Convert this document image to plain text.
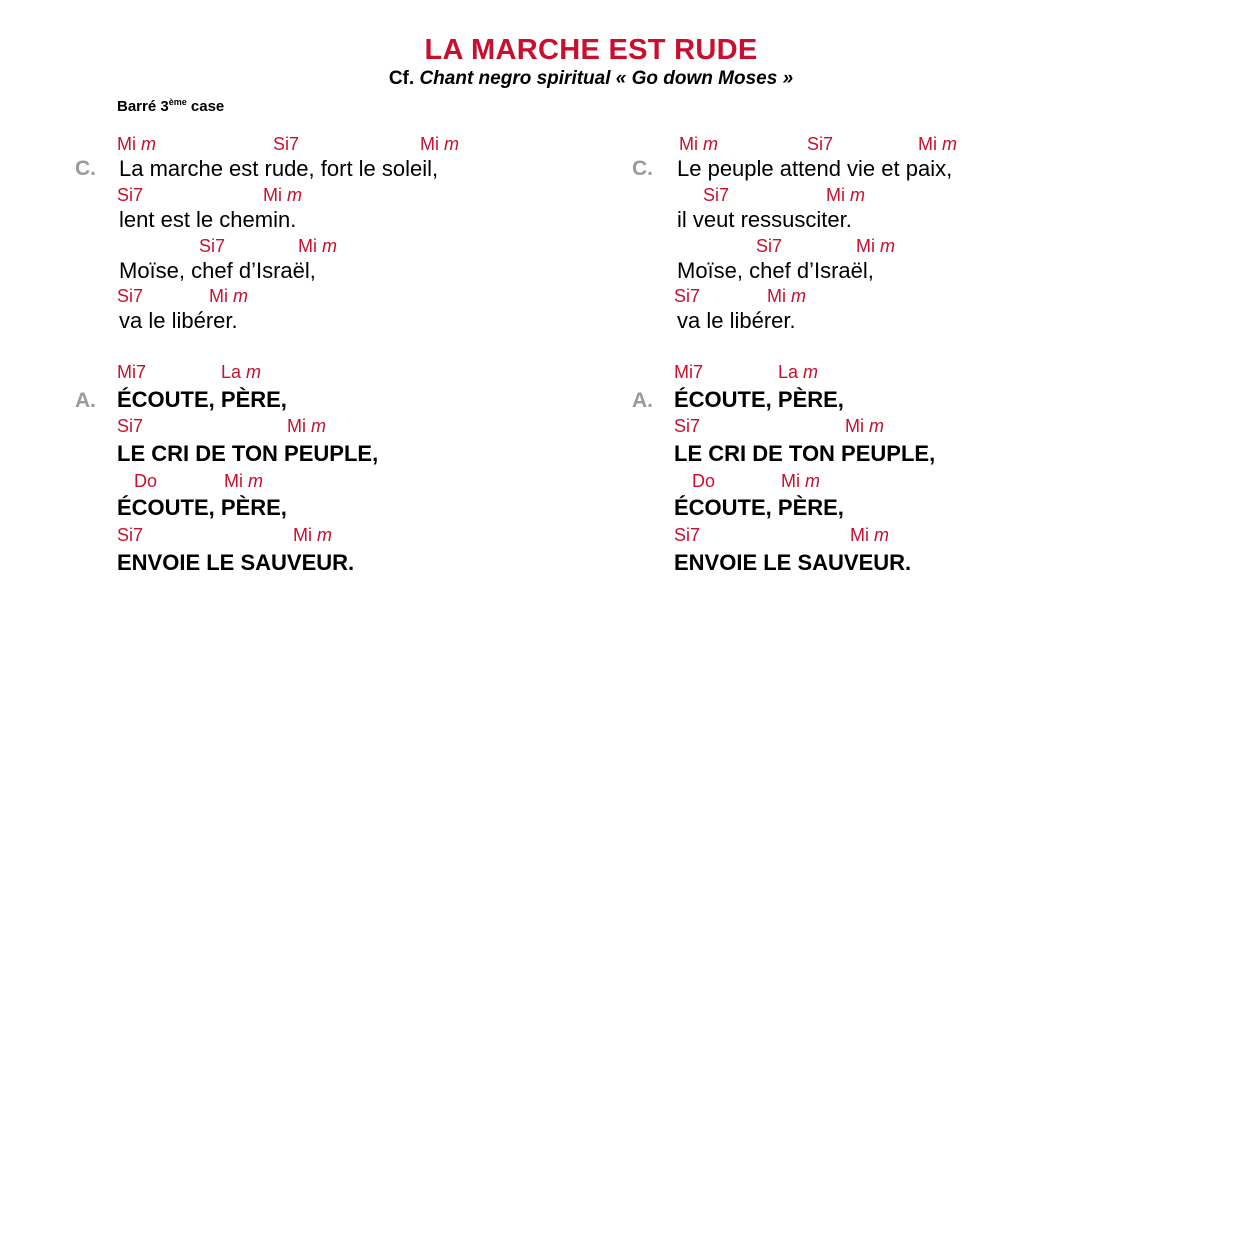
LA MARCHE EST RUDE
Cf. Chant negro spiritual « Go down Moses »
Barré 3ème case
Mi m	Si7	Mi m
C. La marche est rude, fort le soleil,
Si7	Mi m
lent est le chemin.
Si7	Mi m
Moïse, chef d’Israël,
Si7	Mi m
va le libérer.
Mi7	La m
A. ÉCOUTE, PÈRE,
Si7	Mi m
LE CRI DE TON PEUPLE,
Do	Mi m
ÉCOUTE, PÈRE,
Si7	Mi m
ENVOIE LE SAUVEUR.
Mi m	Si7	Mi m
C. Le peuple attend vie et paix,
Si7	Mi m
il veut ressusciter.
Si7	Mi m
Moïse, chef d’Israël,
Si7	Mi m
va le libérer.
Mi7	La m
A. ÉCOUTE, PÈRE,
Si7	Mi m
LE CRI DE TON PEUPLE,
Do	Mi m
ÉCOUTE, PÈRE,
Si7	Mi m
ENVOIE LE SAUVEUR.
